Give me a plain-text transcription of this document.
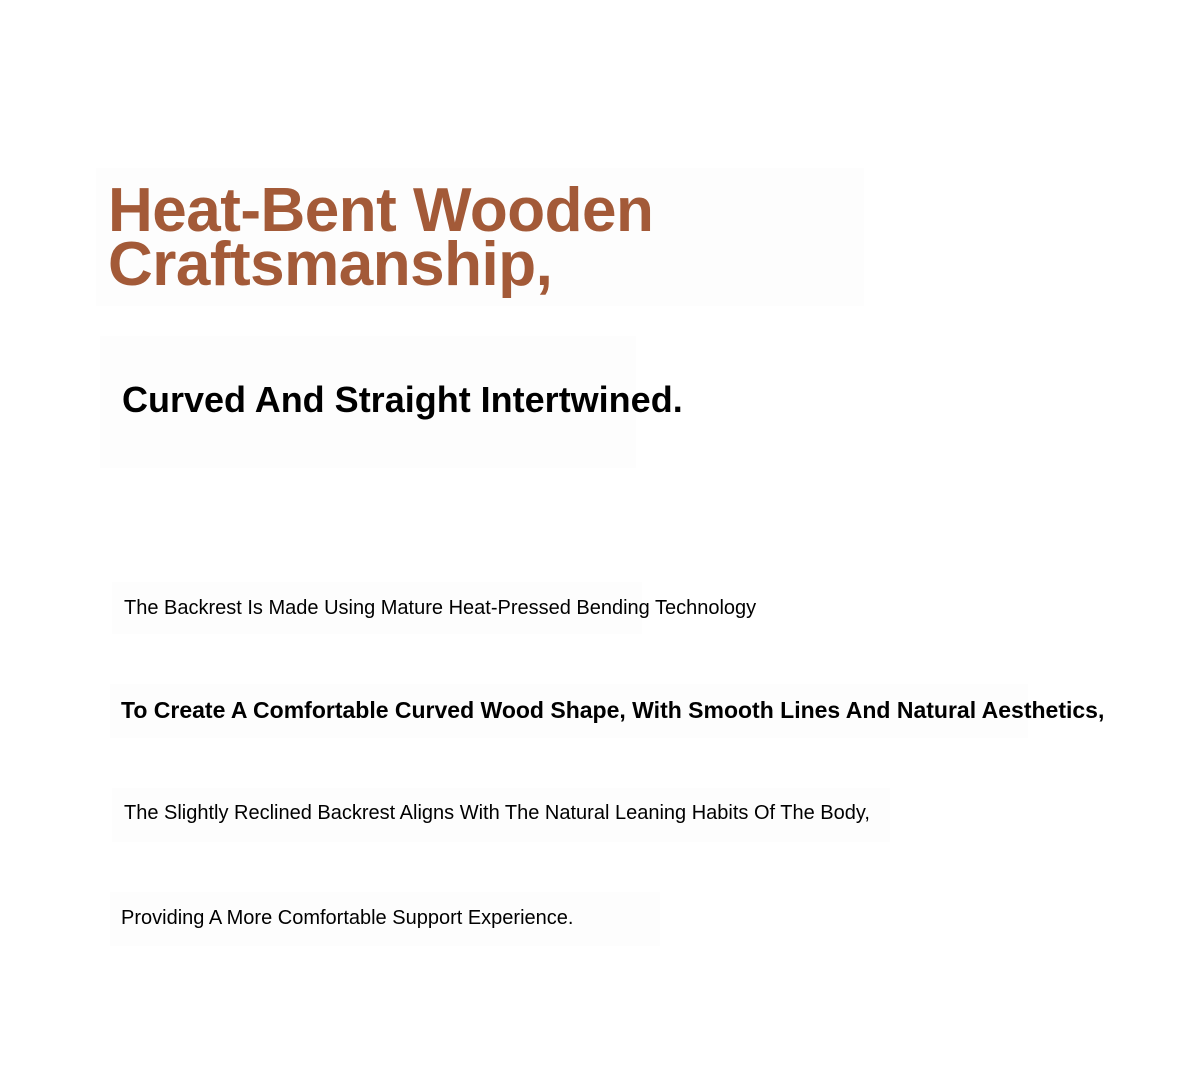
Heat-Bent Wooden
Craftsmanship,
Curved And Straight Intertwined.

The Backrest Is Made Using Mature Heat-Pressed Bending Technology

To Create A Comfortable Curved Wood Shape, With Smooth Lines And Natural Aesthetics,

The Slightly Reclined Backrest Aligns With The Natural Leaning Habits Of The Body,

Providing A More Comfortable Support Experience.
